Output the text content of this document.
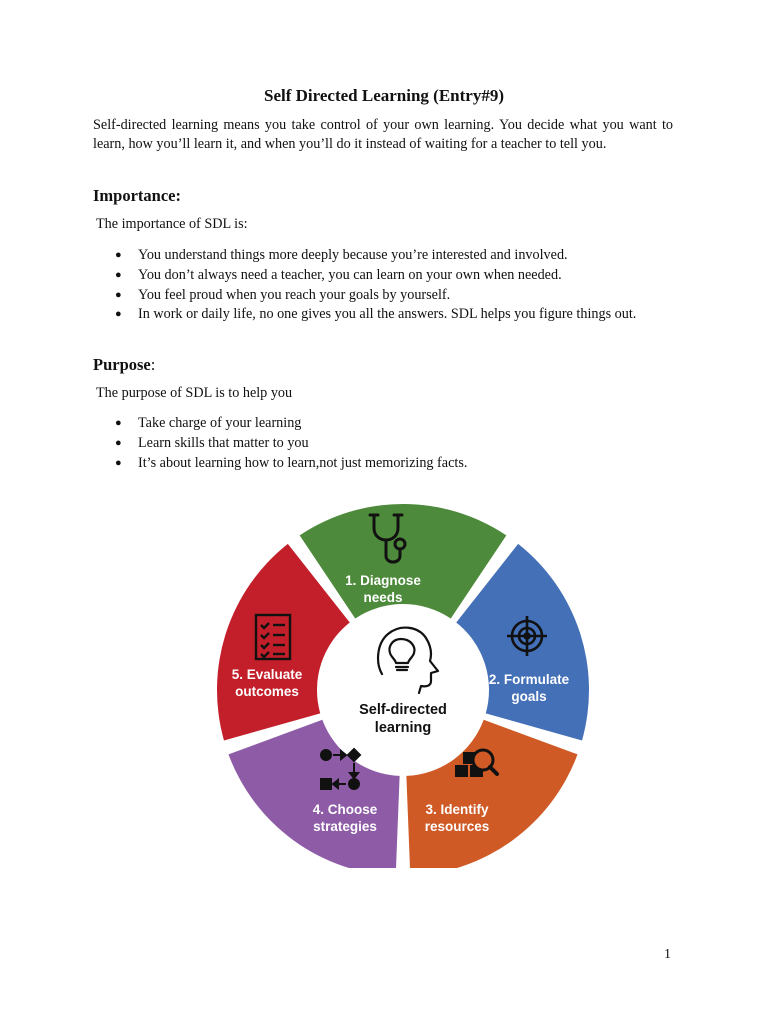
Self Directed Learning (Entry#9)
Self-directed learning means you take control of your own learning. You decide what you want to learn, how you’ll learn it, and when you’ll do it instead of waiting for a teacher to tell you.
Importance:
The importance of SDL is:
● You understand things more deeply because you’re interested and involved.
● You don’t always need a teacher, you can learn on your own when needed.
● You feel proud when you reach your goals by yourself.
● In work or daily life, no one gives you all the answers. SDL helps you figure things out.
Purpose:
The purpose of SDL is to help you
● Take charge of your learning
● Learn skills that matter to you
● It’s about learning how to learn,not just memorizing facts.
Self-directed
learning
1. Diagnose
needs
2. Formulate
goals
3. Identify
resources
4. Choose
strategies
5. Evaluate
outcomes
1
